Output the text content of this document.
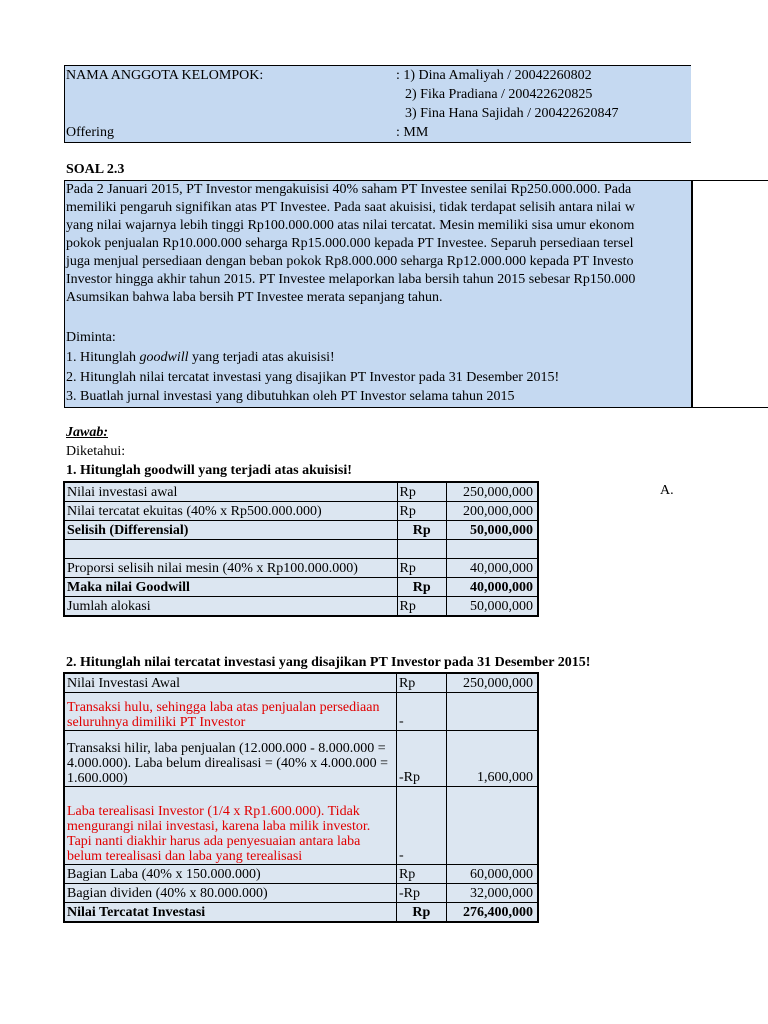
NAMA ANGGOTA KELOMPOK:	: 1) Dina Amaliyah / 20042260802
2) Fika Pradiana / 200422620825
3) Fina Hana Sajidah / 200422620847
Offering	: MM
SOAL 2.3
Pada 2 Januari 2015, PT Investor mengakuisisi 40% saham PT Investee senilai Rp250.000.000. Pada
memiliki pengaruh signifikan atas PT Investee. Pada saat akuisisi, tidak terdapat selisih antara nilai w
yang nilai wajarnya lebih tinggi Rp100.000.000 atas nilai tercatat. Mesin memiliki sisa umur ekonom
pokok penjualan Rp10.000.000 seharga Rp15.000.000 kepada PT Investee. Separuh persediaan tersel
juga menjual persediaan dengan beban pokok Rp8.000.000 seharga Rp12.000.000 kepada PT Investo
Investor hingga akhir tahun 2015. PT Investee melaporkan laba bersih tahun 2015 sebesar Rp150.000
Asumsikan bahwa laba bersih PT Investee merata sepanjang tahun.
Diminta:
1. Hitunglah goodwill yang terjadi atas akuisisi!
2. Hitunglah nilai tercatat investasi yang disajikan PT Investor pada 31 Desember 2015!
3. Buatlah jurnal investasi yang dibutuhkan oleh PT Investor selama tahun 2015
Jawab:
Diketahui:
1. Hitunglah goodwill yang terjadi atas akuisisi!
A.
Nilai investasi awal	Rp	250,000,000
Nilai tercatat ekuitas (40% x Rp500.000.000)	Rp	200,000,000
Selisih (Differensial)	Rp	50,000,000

Proporsi selisih nilai mesin (40% x Rp100.000.000)	Rp	40,000,000
Maka nilai Goodwill	Rp	40,000,000
Jumlah alokasi	Rp	50,000,000
2. Hitunglah nilai tercatat investasi yang disajikan PT Investor pada 31 Desember 2015!
Nilai Investasi Awal	Rp	250,000,000
Transaksi hulu, sehingga laba atas penjualan persediaan seluruhnya dimiliki PT Investor	-	
Transaksi hilir, laba penjualan (12.000.000 - 8.000.000 = 4.000.000). Laba belum direalisasi = (40% x 4.000.000 = 1.600.000)	-Rp	1,600,000
Laba terealisasi Investor (1/4 x Rp1.600.000). Tidak mengurangi nilai investasi, karena laba milik investor. Tapi nanti diakhir harus ada penyesuaian antara laba belum terealisasi dan laba yang terealisasi	-	
Bagian Laba (40% x 150.000.000)	Rp	60,000,000
Bagian dividen (40% x 80.000.000)	-Rp	32,000,000
Nilai Tercatat Investasi	Rp	276,400,000
